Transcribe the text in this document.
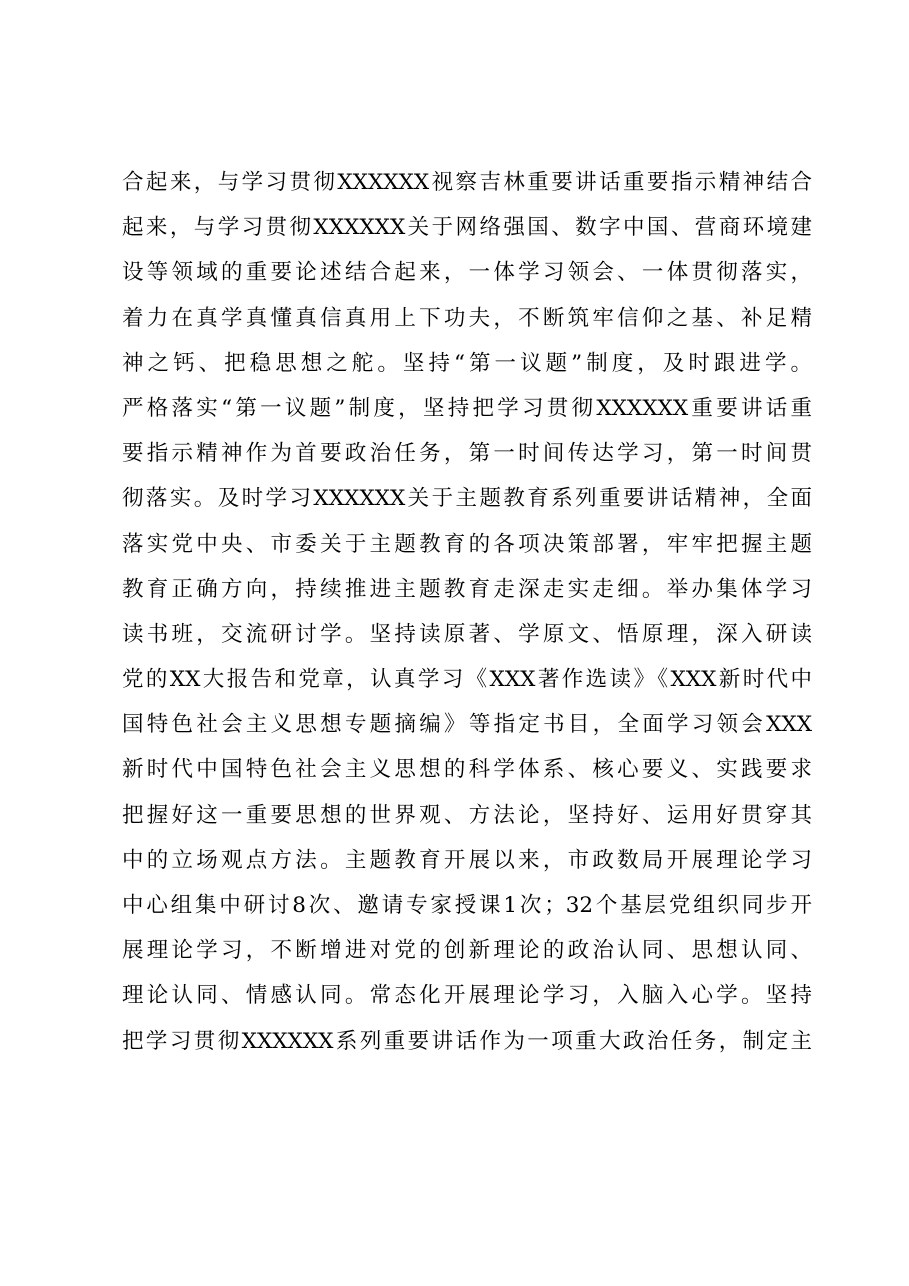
合起来，与学习贯彻XXXXXX视察吉林重要讲话重要指示精神结合
起来，与学习贯彻XXXXXX关于网络强国、数字中国、营商环境建
设等领域的重要论述结合起来，一体学习领会、一体贯彻落实，
着力在真学真懂真信真用上下功夫，不断筑牢信仰之基、补足精
神之钙、把稳思想之舵。坚持“第一议题”制度，及时跟进学。
严格落实“第一议题”制度，坚持把学习贯彻XXXXXX重要讲话重
要指示精神作为首要政治任务，第一时间传达学习，第一时间贯
彻落实。及时学习XXXXXX关于主题教育系列重要讲话精神，全面
落实党中央、市委关于主题教育的各项决策部署，牢牢把握主题
教育正确方向，持续推进主题教育走深走实走细。举办集体学习
读书班，交流研讨学。坚持读原著、学原文、悟原理，深入研读
党的XX大报告和党章，认真学习《XXX著作选读》《XXX新时代中
国特色社会主义思想专题摘编》等指定书目，全面学习领会XXX
新时代中国特色社会主义思想的科学体系、核心要义、实践要求
把握好这一重要思想的世界观、方法论，坚持好、运用好贯穿其
中的立场观点方法。主题教育开展以来，市政数局开展理论学习
中心组集中研讨8次、邀请专家授课1次；32个基层党组织同步开
展理论学习，不断增进对党的创新理论的政治认同、思想认同、
理论认同、情感认同。常态化开展理论学习，入脑入心学。坚持
把学习贯彻XXXXXX系列重要讲话作为一项重大政治任务，制定主
